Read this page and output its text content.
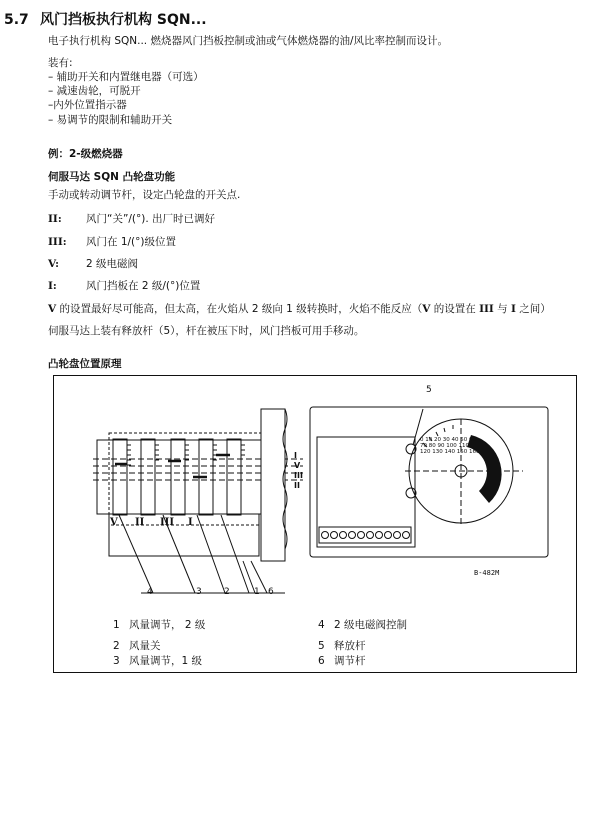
5.7 风门挡板执行机构 SQN...
电子执行机构 SQN... 燃烧器风门挡板控制或油或气体燃烧器的油/风比率控制而设计。
装有:
– 辅助开关和内置继电器（可选）
– 减速齿轮，可脱开
–内外位置指示器
– 易调节的限制和辅助开关
例：2-级燃烧器
伺服马达 SQN 凸轮盘功能
手动或转动调节杆，设定凸轮盘的开关点.
II: 风门“关”/(°). 出厂时已调好
III: 风门在 1/(°)级位置
V:	2 级电磁阀
I:	风门挡板在 2 级/(°)位置
V 的设置最好尽可能高，但太高，在火焰从 2 级向 1 级转换时，火焰不能反应（V 的设置在 III 与 I 之间）
伺服马达上装有释放杆（5），杆在被压下时，风门挡板可用手移动。
凸轮盘位置原理
I
V
III
II
V II III I
4	3 2	1 6
5
0 10 20 30 40 50 60 70 80 90 100 110 120 130 140 150 160
B-482M
1 风量调节， 2 级
2 风量关
3 风量调节，1 级
4 2 级电磁阀控制
5 释放杆
6 调节杆
